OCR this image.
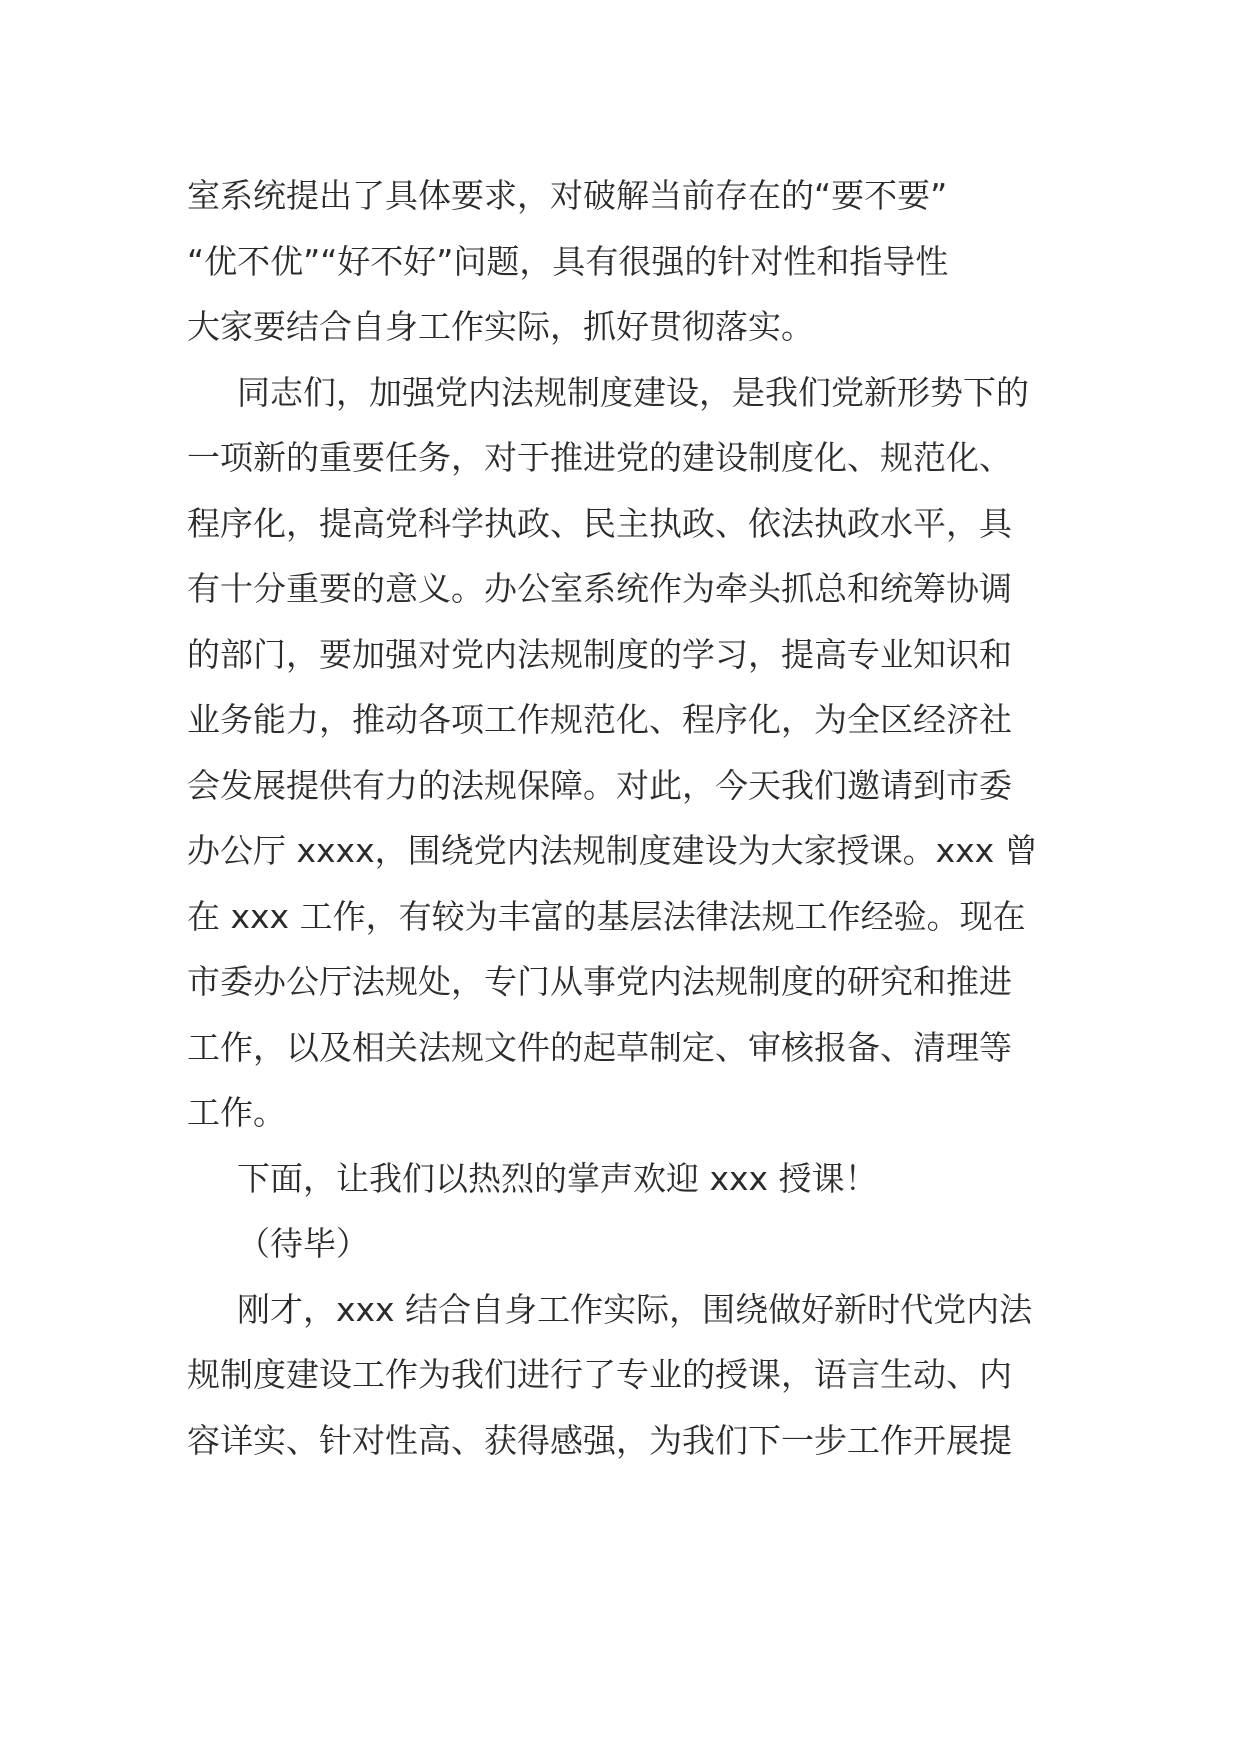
室系统提出了具体要求，对破解当前存在的“要不要”
“优不优”“好不好”问题，具有很强的针对性和指导性
大家要结合自身工作实际，抓好贯彻落实。
同志们，加强党内法规制度建设，是我们党新形势下的
一项新的重要任务，对于推进党的建设制度化、规范化、
程序化，提高党科学执政、民主执政、依法执政水平，具
有十分重要的意义。办公室系统作为牵头抓总和统筹协调
的部门，要加强对党内法规制度的学习，提高专业知识和
业务能力，推动各项工作规范化、程序化，为全区经济社
会发展提供有力的法规保障。对此，今天我们邀请到市委
办公厅 xxxx，围绕党内法规制度建设为大家授课。xxx 曾
在 xxx 工作，有较为丰富的基层法律法规工作经验。现在
市委办公厅法规处，专门从事党内法规制度的研究和推进
工作，以及相关法规文件的起草制定、审核报备、清理等
工作。
下面，让我们以热烈的掌声欢迎 xxx 授课！
（待毕）
刚才，xxx 结合自身工作实际，围绕做好新时代党内法
规制度建设工作为我们进行了专业的授课，语言生动、内
容详实、针对性高、获得感强，为我们下一步工作开展提
